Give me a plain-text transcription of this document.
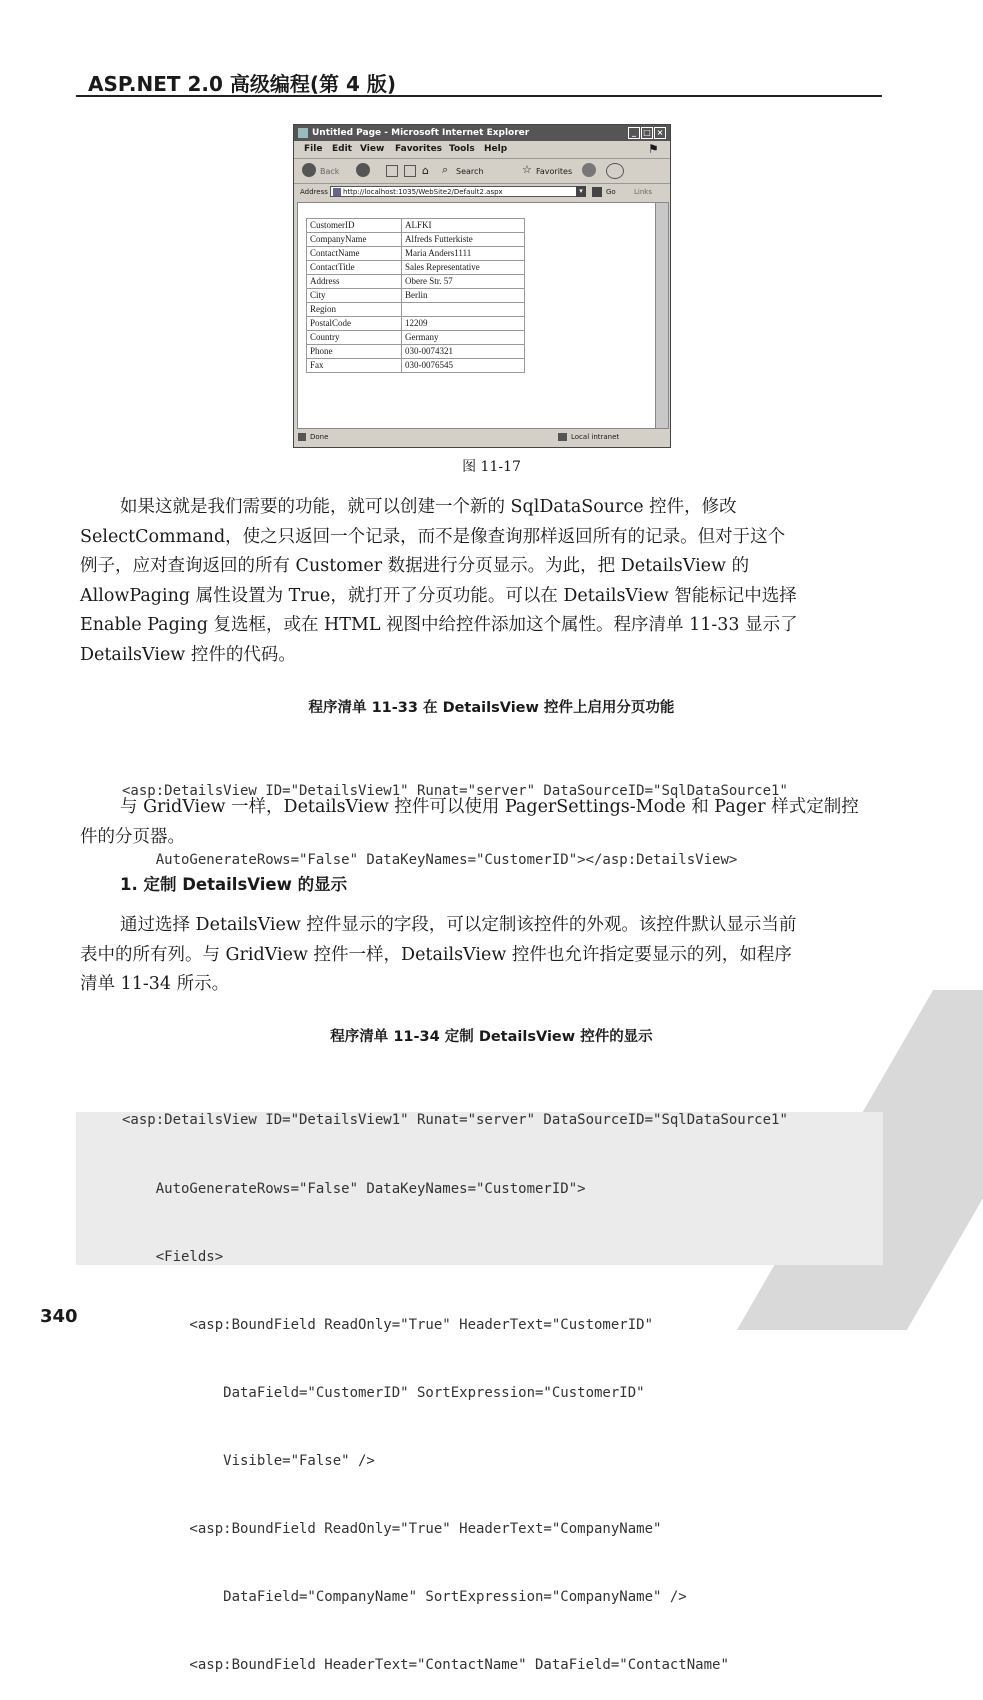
ASP.NET 2.0 高级编程(第 4 版)
Untitled Page - Microsoft Internet Explorer	_ □ ×
File Edit View Favorites Tools Help	⚑
Back	⌂ ⌕ Search	☆ Favorites
Address	http://localhost:1035/WebSite2/Default2.aspx	▾	Go	Links
CustomerID	ALFKI
CompanyName	Alfreds Futterkiste
ContactName	Maria Anders1111
ContactTitle	Sales Representative
Address	Obere Str. 57
City	Berlin
Region	
PostalCode	12209
Country	Germany
Phone	030-0074321
Fax	030-0076545
Done	Local intranet
图 11-17
如果这就是我们需要的功能，就可以创建一个新的 SqlDataSource 控件，修改
SelectCommand，使之只返回一个记录，而不是像查询那样返回所有的记录。但对于这个
例子，应对查询返回的所有 Customer 数据进行分页显示。为此，把 DetailsView 的
AllowPaging 属性设置为 True，就打开了分页功能。可以在 DetailsView 智能标记中选择
Enable Paging 复选框，或在 HTML 视图中给控件添加这个属性。程序清单 11-33 显示了
DetailsView 控件的代码。
程序清单 11-33 在 DetailsView 控件上启用分页功能

<asp:DetailsView ID="DetailsView1" Runat="server" DataSourceID="SqlDataSource1"

AutoGenerateRows="False" DataKeyNames="CustomerID"></asp:DetailsView>

与 GridView 一样，DetailsView 控件可以使用 PagerSettings-Mode 和 Pager 样式定制控
件的分页器。
1. 定制 DetailsView 的显示
通过选择 DetailsView 控件显示的字段，可以定制该控件的外观。该控件默认显示当前
表中的所有列。与 GridView 控件一样，DetailsView 控件也允许指定要显示的列，如程序
清单 11-34 所示。
程序清单 11-34 定制 DetailsView 控件的显示

<asp:DetailsView ID="DetailsView1" Runat="server" DataSourceID="SqlDataSource1"

AutoGenerateRows="False" DataKeyNames="CustomerID">

<Fields>

<asp:BoundField ReadOnly="True" HeaderText="CustomerID"

DataField="CustomerID" SortExpression="CustomerID"

Visible="False" />

<asp:BoundField ReadOnly="True" HeaderText="CompanyName"

DataField="CompanyName" SortExpression="CompanyName" />

<asp:BoundField HeaderText="ContactName" DataField="ContactName"

340
